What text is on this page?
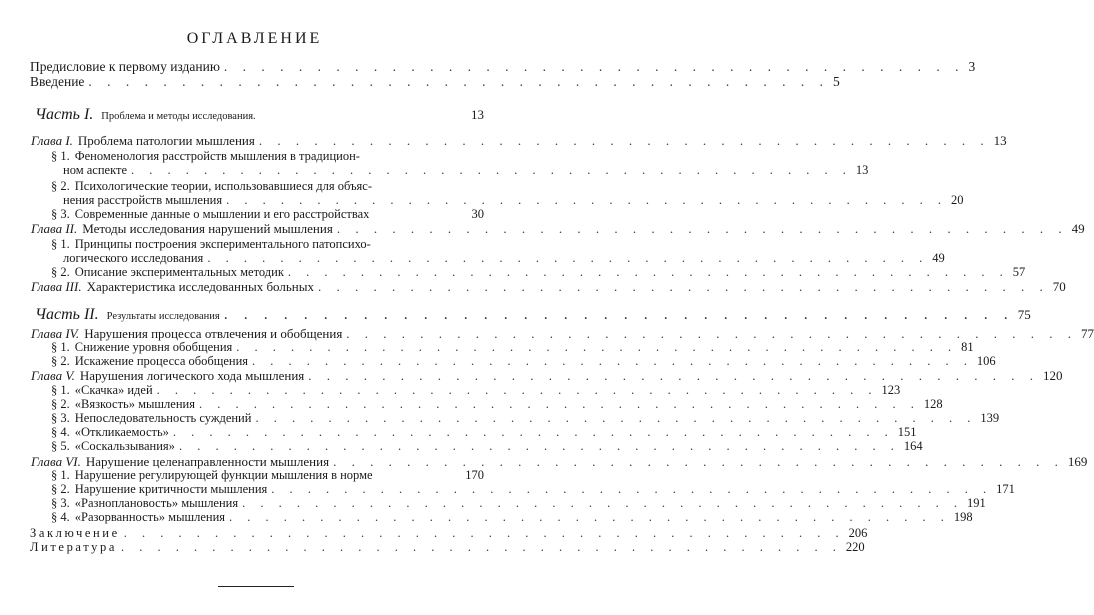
ОГЛАВЛЕНИЕ
Предисловие к первому изданию . . . . . . . . . . . . . . . . . . . . . . . . . . . . . . . . . . . . . . . . 3
Введение . . . . . . . . . . . . . . . . . . . . . . . . . . . . . . . . . . . . . . . . 5
Часть I. Проблема и методы исследования.	13
Глава I. Проблема патологии мышления . . . . . . . . . . . . . . . . . . . . . . . . . . . . . . . . . . . . . . . . 13
§ 1. Феноменология расстройств мышления в традицион-
ном аспекте . . . . . . . . . . . . . . . . . . . . . . . . . . . . . . . . . . . . . . . . 13
§ 2. Психологические теории, использовавшиеся для объяс-
нения расстройств мышления . . . . . . . . . . . . . . . . . . . . . . . . . . . . . . . . . . . . . . . . 20
§ 3. Современные данные о мышлении и его расстройствах	30
Глава II. Методы исследования нарушений мышления . . . . . . . . . . . . . . . . . . . . . . . . . . . . . . . . . . . . . . . . 49
§ 1. Принципы построения экспериментального патопсихо-
логического исследования . . . . . . . . . . . . . . . . . . . . . . . . . . . . . . . . . . . . . . . . 49
§ 2. Описание экспериментальных методик . . . . . . . . . . . . . . . . . . . . . . . . . . . . . . . . . . . . . . . . 57
Глава III. Характеристика исследованных больных . . . . . . . . . . . . . . . . . . . . . . . . . . . . . . . . . . . . . . . . 70
Часть II. Результаты исследования . . . . . . . . . . . . . . . . . . . . . . . . . . . . . . . . . . . . . . . . 75
Глава IV. Нарушения процесса отвлечения и обобщения . . . . . . . . . . . . . . . . . . . . . . . . . . . . . . . . . . . . . . . . 77
§ 1. Снижение уровня обобщения . . . . . . . . . . . . . . . . . . . . . . . . . . . . . . . . . . . . . . . . 81
§ 2. Искажение процесса обобщения . . . . . . . . . . . . . . . . . . . . . . . . . . . . . . . . . . . . . . . . 106
Глава V. Нарушения логического хода мышления . . . . . . . . . . . . . . . . . . . . . . . . . . . . . . . . . . . . . . . . 120
§ 1. «Скачка» идей . . . . . . . . . . . . . . . . . . . . . . . . . . . . . . . . . . . . . . . . 123
§ 2. «Вязкость» мышления . . . . . . . . . . . . . . . . . . . . . . . . . . . . . . . . . . . . . . . . 128
§ 3. Непоследовательность суждений . . . . . . . . . . . . . . . . . . . . . . . . . . . . . . . . . . . . . . . . 139
§ 4. «Откликаемость» . . . . . . . . . . . . . . . . . . . . . . . . . . . . . . . . . . . . . . . . 151
§ 5. «Соскальзывания» . . . . . . . . . . . . . . . . . . . . . . . . . . . . . . . . . . . . . . . . 164
Глава VI. Нарушение целенаправленности мышления . . . . . . . . . . . . . . . . . . . . . . . . . . . . . . . . . . . . . . . . 169
§ 1. Нарушение регулирующей функции мышления в норме	170
§ 2. Нарушение критичности мышления . . . . . . . . . . . . . . . . . . . . . . . . . . . . . . . . . . . . . . . . 171
§ 3. «Разноплановость» мышления . . . . . . . . . . . . . . . . . . . . . . . . . . . . . . . . . . . . . . . . 191
§ 4. «Разорванность» мышления . . . . . . . . . . . . . . . . . . . . . . . . . . . . . . . . . . . . . . . . 198
Заключение . . . . . . . . . . . . . . . . . . . . . . . . . . . . . . . . . . . . . . . . 206
Литература . . . . . . . . . . . . . . . . . . . . . . . . . . . . . . . . . . . . . . . . 220
